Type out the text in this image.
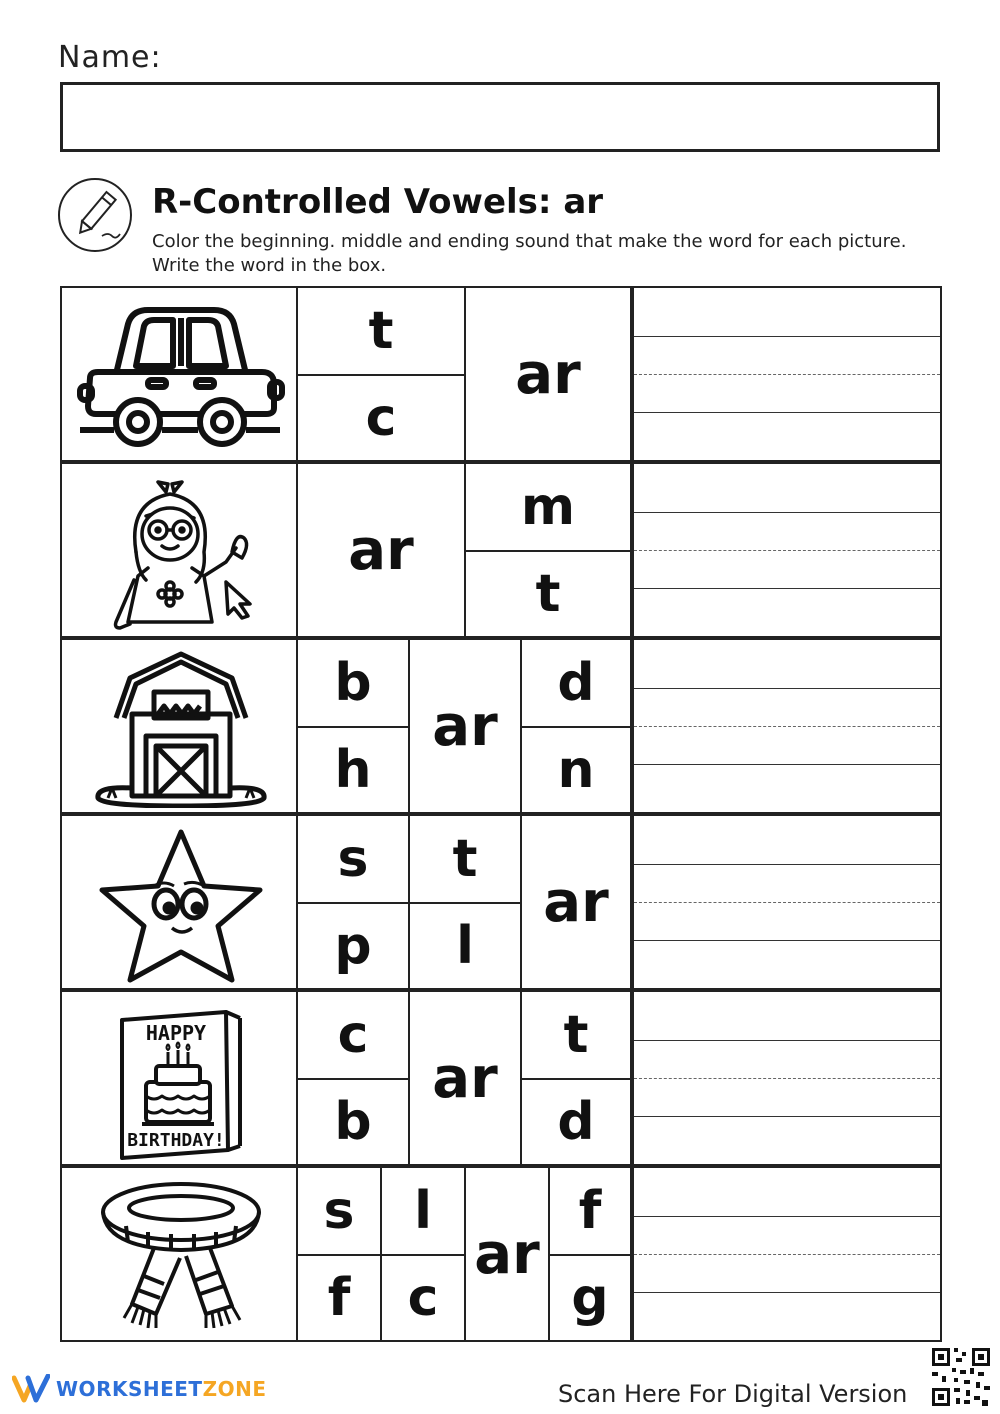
Name:
R-Controlled Vowels: ar
Color the beginning. middle and ending sound that make the word for each picture. Write the word in the box.
t
c
ar
ar
m
t
b
h
ar
d
n
s
p
t
l
ar
HAPPY
BIRTHDAY!
c
b
ar
t
d
s
f
l
c
ar
f
g
WORKSHEETZONE	Scan Here For Digital Version
